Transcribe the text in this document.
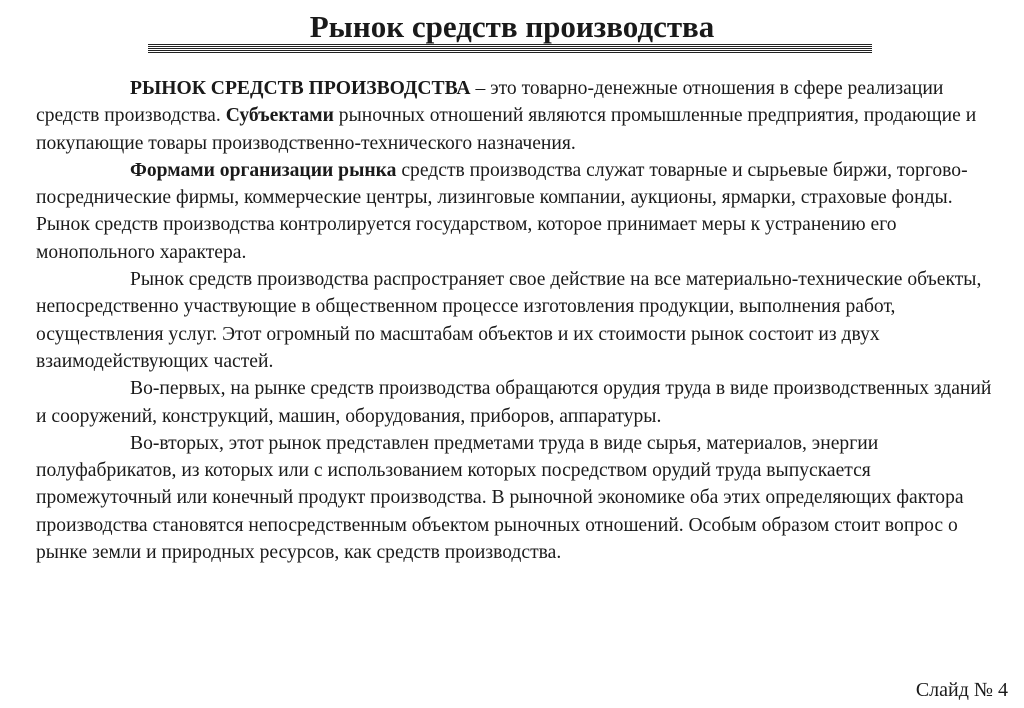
Рынок средств производства

РЫНОК СРЕДСТВ ПРОИЗВОДСТВА – это товарно-денежные отношения в сфере реализации средств производства. Субъектами рыночных отношений являются промышленные предприятия, продающие и покупающие товары производственно-технического назначения.

Формами организации рынка средств производства служат товарные и сырьевые биржи, торгово-посреднические фирмы, коммерческие центры, лизинговые компании, аукционы, ярмарки, страховые фонды. Рынок средств производства контролируется государством, которое принимает меры к устранению его монопольного характера.

Рынок средств производства распространяет свое действие на все материально-технические объекты, непосредственно участвующие в общественном процессе изготовления продукции, выполнения работ, осуществления услуг. Этот огромный по масштабам объектов и их стоимости рынок состоит из двух взаимодействующих частей.

Во-первых, на рынке средств производства обращаются орудия труда в виде производственных зданий и сооружений, конструкций, машин, оборудования, приборов, аппаратуры.

Во-вторых, этот рынок представлен предметами труда в виде сырья, материалов, энергии полуфабрикатов, из которых или с использованием которых посредством орудий труда выпускается промежуточный или конечный продукт производства. В рыночной экономике оба этих определяющих фактора производства становятся непосредственным объектом рыночных отношений. Особым образом стоит вопрос о рынке земли и природных ресурсов, как средств производства.

Слайд № 4
